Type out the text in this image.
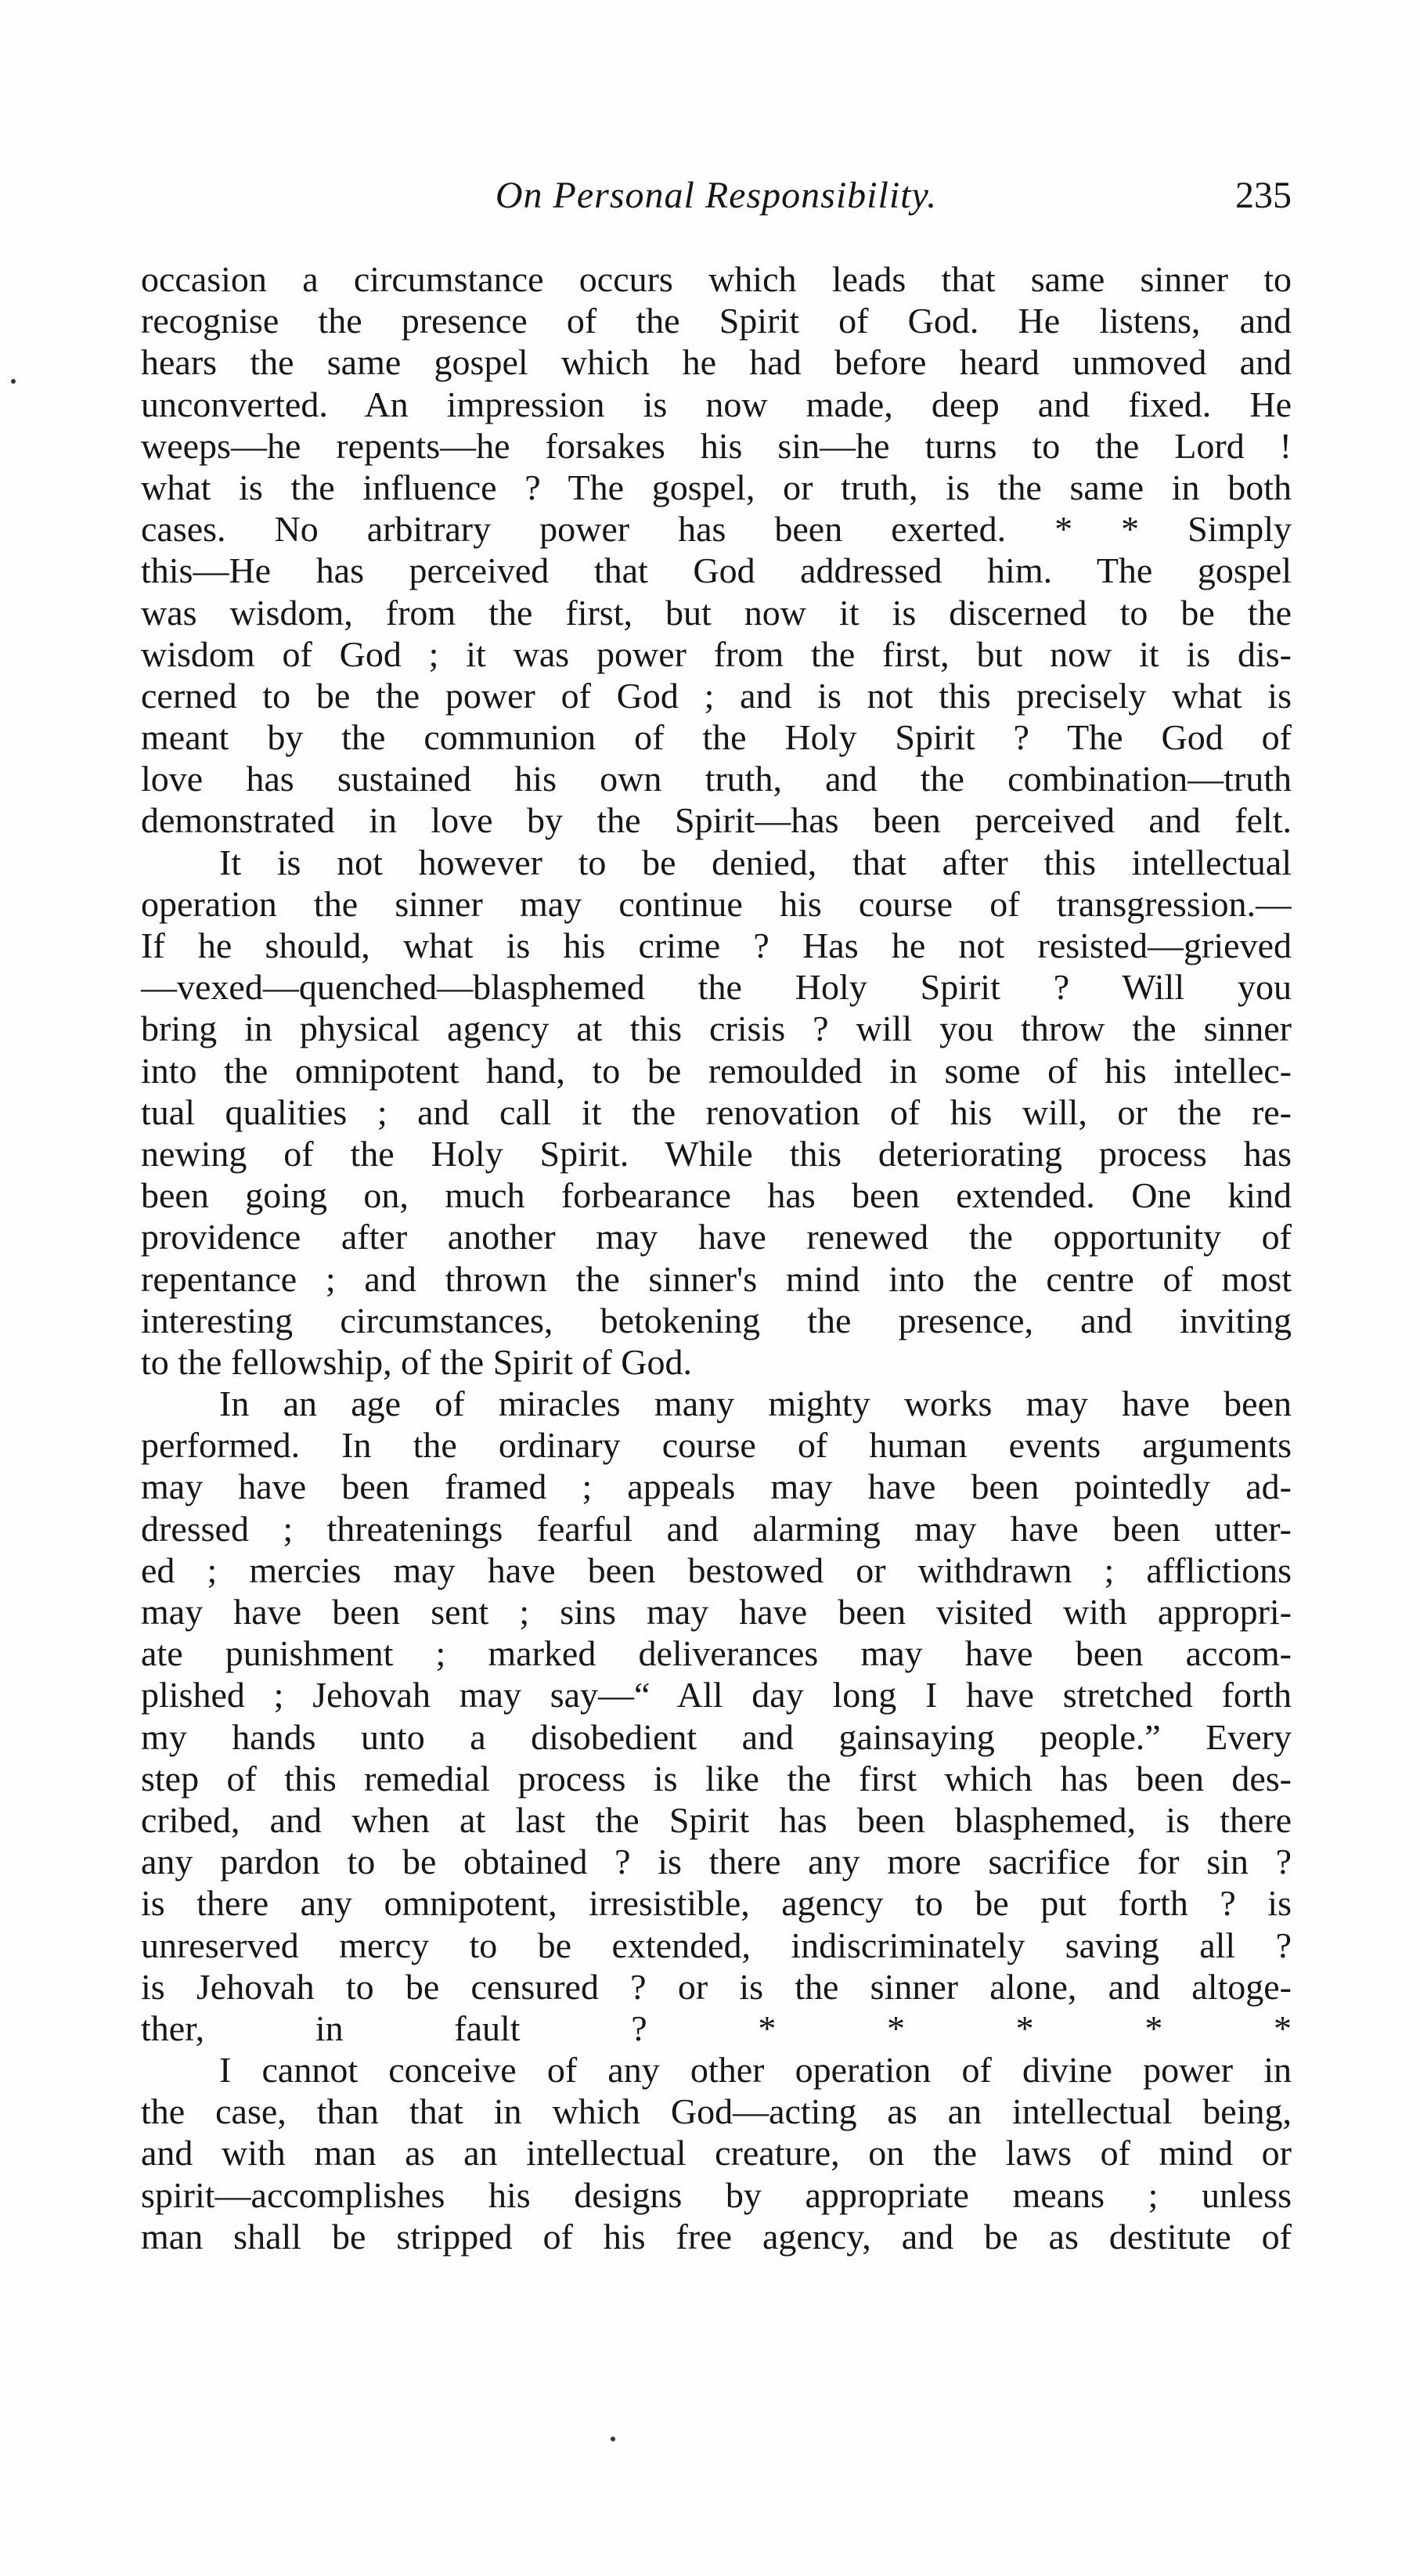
On Personal Responsibility.	235
occasion a circumstance occurs which leads that same sinner to
recognise the presence of the Spirit of God. He listens, and
hears the same gospel which he had before heard unmoved and
unconverted. An impression is now made, deep and fixed. He
weeps—he repents—he forsakes his sin—he turns to the Lord !
what is the influence ? The gospel, or truth, is the same in both
cases. No arbitrary power has been exerted. * * Simply
this—He has perceived that God addressed him. The gospel
was wisdom, from the first, but now it is discerned to be the
wisdom of God ; it was power from the first, but now it is dis-
cerned to be the power of God ; and is not this precisely what is
meant by the communion of the Holy Spirit ? The God of
love has sustained his own truth, and the combination—truth
demonstrated in love by the Spirit—has been perceived and felt.
It is not however to be denied, that after this intellectual
operation the sinner may continue his course of transgression.—
If he should, what is his crime ? Has he not resisted—grieved
—vexed—quenched—blasphemed the Holy Spirit ? Will you
bring in physical agency at this crisis ? will you throw the sinner
into the omnipotent hand, to be remoulded in some of his intellec-
tual qualities ; and call it the renovation of his will, or the re-
newing of the Holy Spirit. While this deteriorating process has
been going on, much forbearance has been extended. One kind
providence after another may have renewed the opportunity of
repentance ; and thrown the sinner's mind into the centre of most
interesting circumstances, betokening the presence, and inviting
to the fellowship, of the Spirit of God.
In an age of miracles many mighty works may have been
performed. In the ordinary course of human events arguments
may have been framed ; appeals may have been pointedly ad-
dressed ; threatenings fearful and alarming may have been utter-
ed ; mercies may have been bestowed or withdrawn ; afflictions
may have been sent ; sins may have been visited with appropri-
ate punishment ; marked deliverances may have been accom-
plished ; Jehovah may say—“ All day long I have stretched forth
my hands unto a disobedient and gainsaying people.” Every
step of this remedial process is like the first which has been des-
cribed, and when at last the Spirit has been blasphemed, is there
any pardon to be obtained ? is there any more sacrifice for sin ?
is there any omnipotent, irresistible, agency to be put forth ? is
unreserved mercy to be extended, indiscriminately saving all ?
is Jehovah to be censured ? or is the sinner alone, and altoge-
ther, in fault ? * * * * *
I cannot conceive of any other operation of divine power in
the case, than that in which God—acting as an intellectual being,
and with man as an intellectual creature, on the laws of mind or
spirit—accomplishes his designs by appropriate means ; unless
man shall be stripped of his free agency, and be as destitute of
